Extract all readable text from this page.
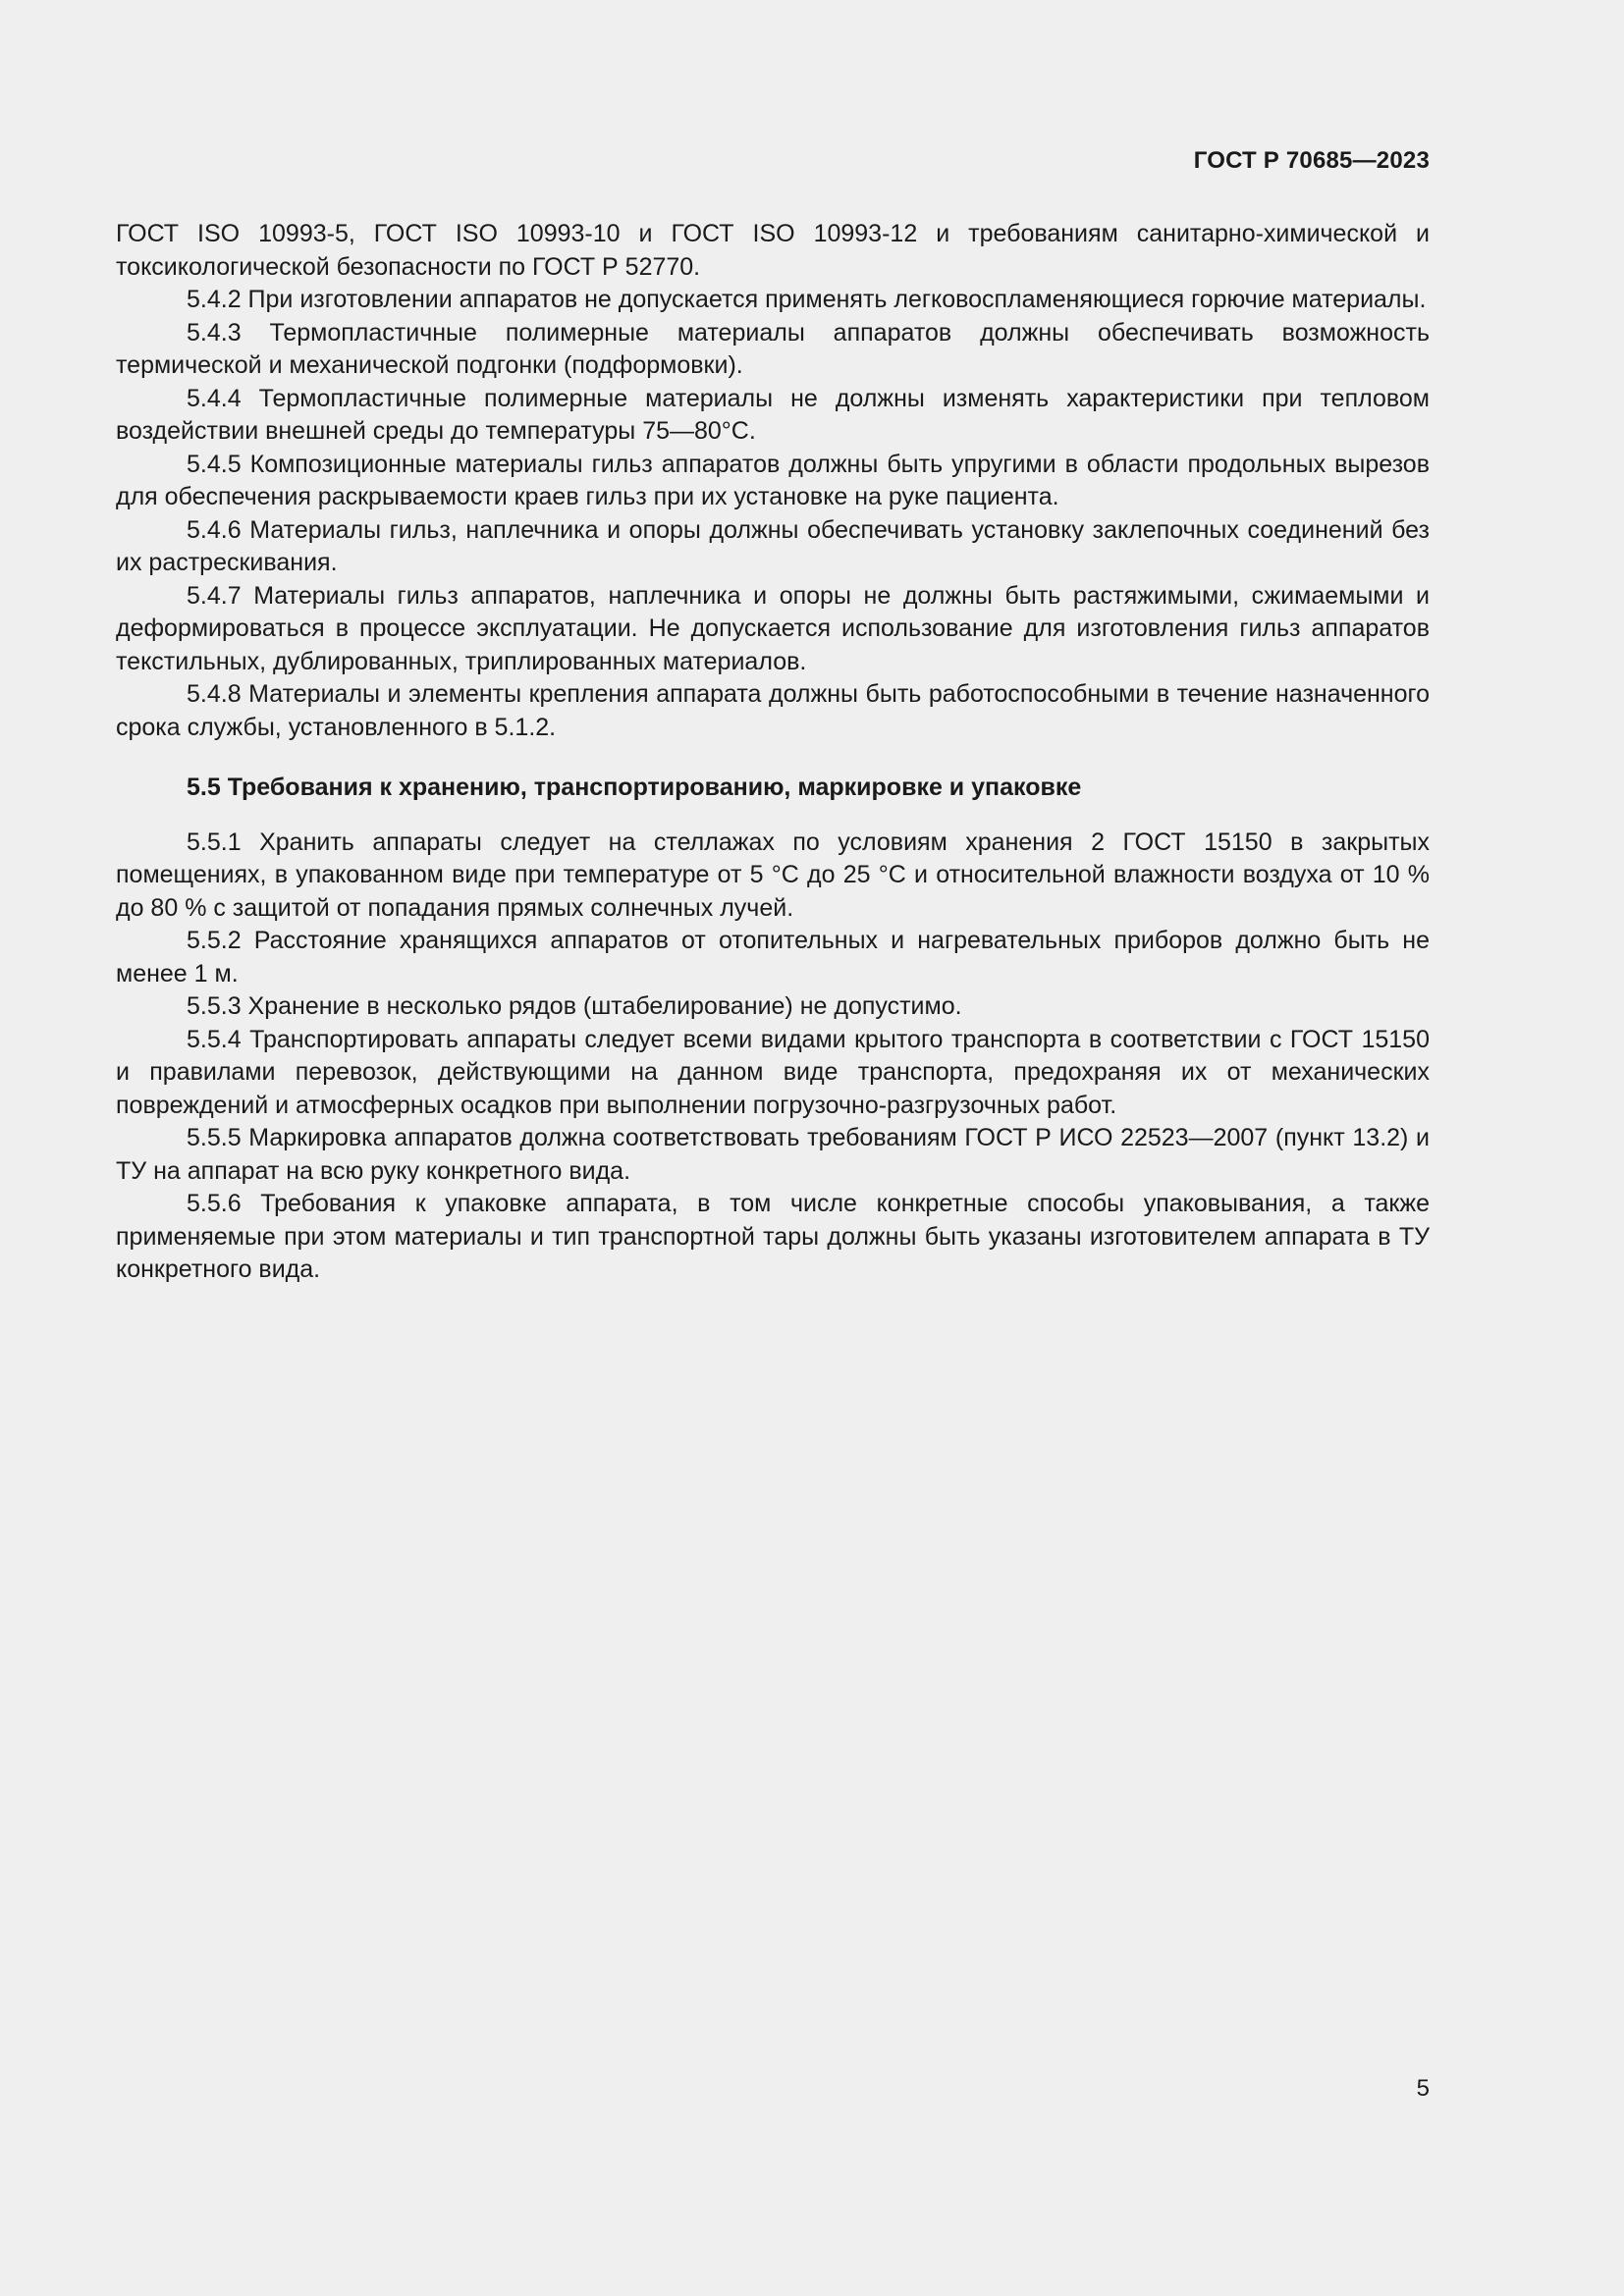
ГОСТ Р 70685—2023

ГОСТ ISO 10993-5, ГОСТ ISO 10993-10 и ГОСТ ISO 10993-12 и требованиям санитарно-химической и токсикологической безопасности по ГОСТ Р 52770.

5.4.2 При изготовлении аппаратов не допускается применять легковоспламеняющиеся горючие материалы.

5.4.3 Термопластичные полимерные материалы аппаратов должны обеспечивать возможность термической и механической подгонки (подформовки).

5.4.4 Термопластичные полимерные материалы не должны изменять характеристики при тепловом воздействии внешней среды до температуры 75—80°С.

5.4.5 Композиционные материалы гильз аппаратов должны быть упругими в области продольных вырезов для обеспечения раскрываемости краев гильз при их установке на руке пациента.

5.4.6 Материалы гильз, наплечника и опоры должны обеспечивать установку заклепочных соединений без их растрескивания.

5.4.7 Материалы гильз аппаратов, наплечника и опоры не должны быть растяжимыми, сжимаемыми и деформироваться в процессе эксплуатации. Не допускается использование для изготовления гильз аппаратов текстильных, дублированных, триплированных материалов.

5.4.8 Материалы и элементы крепления аппарата должны быть работоспособными в течение назначенного срока службы, установленного в 5.1.2.

5.5 Требования к хранению, транспортированию, маркировке и упаковке

5.5.1 Хранить аппараты следует на стеллажах по условиям хранения 2 ГОСТ 15150 в закрытых помещениях, в упакованном виде при температуре от 5 °С до 25 °С и относительной влажности воздуха от 10 % до 80 % с защитой от попадания прямых солнечных лучей.

5.5.2 Расстояние хранящихся аппаратов от отопительных и нагревательных приборов должно быть не менее 1 м.

5.5.3 Хранение в несколько рядов (штабелирование) не допустимо.

5.5.4 Транспортировать аппараты следует всеми видами крытого транспорта в соответствии с ГОСТ 15150 и правилами перевозок, действующими на данном виде транспорта, предохраняя их от механических повреждений и атмосферных осадков при выполнении погрузочно-разгрузочных работ.

5.5.5 Маркировка аппаратов должна соответствовать требованиям ГОСТ Р ИСО 22523—2007 (пункт 13.2) и ТУ на аппарат на всю руку конкретного вида.

5.5.6 Требования к упаковке аппарата, в том числе конкретные способы упаковывания, а также применяемые при этом материалы и тип транспортной тары должны быть указаны изготовителем аппарата в ТУ конкретного вида.

5
